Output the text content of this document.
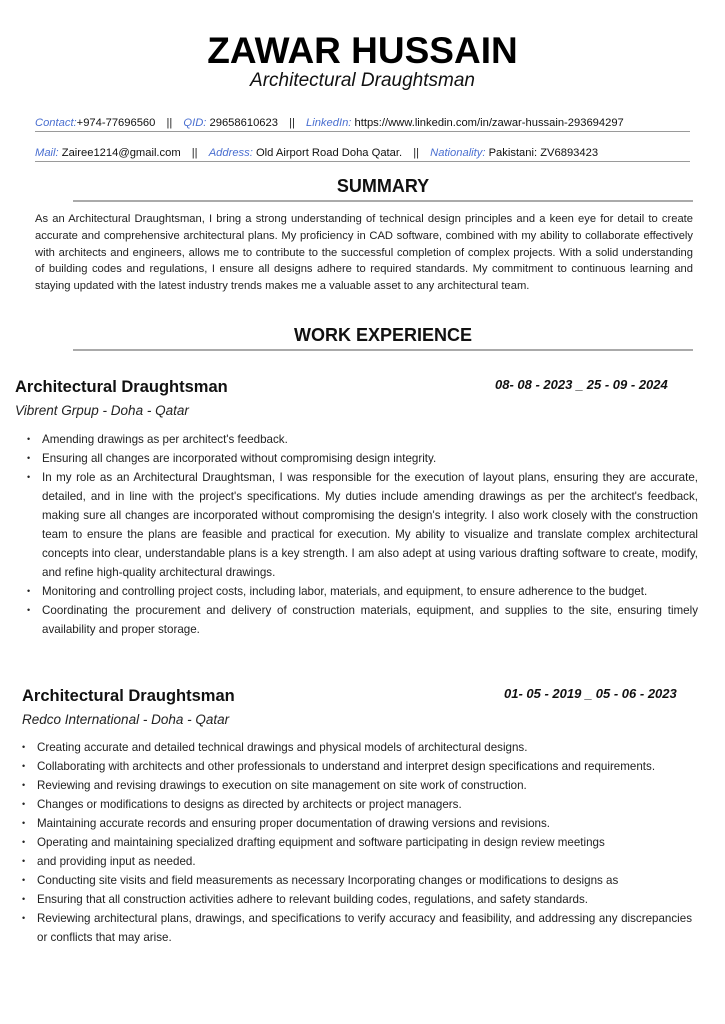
ZAWAR HUSSAIN
Architectural Draughtsman
Contact:+974-77696560 || QID: 29658610623 || LinkedIn: https://www.linkedin.com/in/zawar-hussain-293694297
Mail: Zairee1214@gmail.com || Address: Old Airport Road Doha Qatar. || Nationality: Pakistani: ZV6893423
SUMMARY
As an Architectural Draughtsman, I bring a strong understanding of technical design principles and a keen eye for detail to create accurate and comprehensive architectural plans. My proficiency in CAD software, combined with my ability to collaborate effectively with architects and engineers, allows me to contribute to the successful completion of complex projects. With a solid understanding of building codes and regulations, I ensure all designs adhere to required standards. My commitment to continuous learning and staying updated with the latest industry trends makes me a valuable asset to any architectural team.
WORK EXPERIENCE
Architectural Draughtsman	08- 08 - 2023 _ 25 - 09 - 2024
Vibrent Grpup - Doha - Qatar
• Amending drawings as per architect's feedback.
• Ensuring all changes are incorporated without compromising design integrity.
• In my role as an Architectural Draughtsman, I was responsible for the execution of layout plans, ensuring they are accurate, detailed, and in line with the project's specifications. My duties include amending drawings as per the architect's feedback, making sure all changes are incorporated without compromising the design's integrity. I also work closely with the construction team to ensure the plans are feasible and practical for execution. My ability to visualize and translate complex architectural concepts into clear, understandable plans is a key strength. I am also adept at using various drafting software to create, modify, and refine high-quality architectural drawings.
• Monitoring and controlling project costs, including labor, materials, and equipment, to ensure adherence to the budget.
• Coordinating the procurement and delivery of construction materials, equipment, and supplies to the site, ensuring timely availability and proper storage.
Architectural Draughtsman	01- 05 - 2019 _ 05 - 06 - 2023
Redco International - Doha - Qatar
• Creating accurate and detailed technical drawings and physical models of architectural designs.
• Collaborating with architects and other professionals to understand and interpret design specifications and requirements.
• Reviewing and revising drawings to execution on site management on site work of construction.
• Changes or modifications to designs as directed by architects or project managers.
• Maintaining accurate records and ensuring proper documentation of drawing versions and revisions.
• Operating and maintaining specialized drafting equipment and software participating in design review meetings
• and providing input as needed.
• Conducting site visits and field measurements as necessary Incorporating changes or modifications to designs as
• Ensuring that all construction activities adhere to relevant building codes, regulations, and safety standards.
• Reviewing architectural plans, drawings, and specifications to verify accuracy and feasibility, and addressing any discrepancies or conflicts that may arise.
